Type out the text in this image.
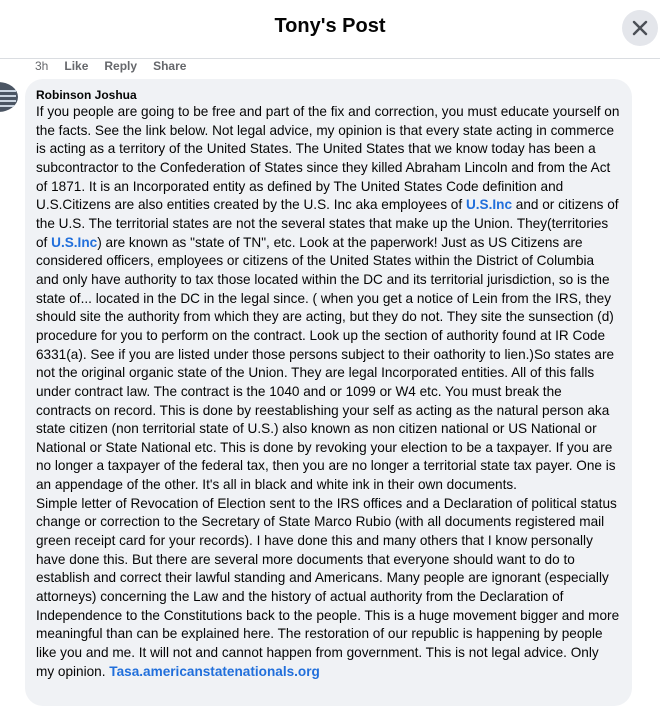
Tony's Post
3h Like Reply Share
Robinson Joshua
If you people are going to be free and part of the fix and correction, you must educate yourself on the facts. See the link below. Not legal advice, my opinion is that every state acting in commerce is acting as a territory of the United States. The United States that we know today has been a subcontractor to the Confederation of States since they killed Abraham Lincoln and from the Act of 1871. It is an Incorporated entity as defined by The United States Code definition and U.S.Citizens are also entities created by the U.S. Inc aka employees of U.S.Inc and or citizens of the U.S. The territorial states are not the several states that make up the Union. They(territories of U.S.Inc) are known as "state of TN", etc. Look at the paperwork! Just as US Citizens are considered officers, employees or citizens of the United States within the District of Columbia and only have authority to tax those located within the DC and its territorial jurisdiction, so is the state of... located in the DC in the legal since. ( when you get a notice of Lein from the IRS, they should site the authority from which they are acting, but they do not. They site the sunsection (d) procedure for you to perform on the contract. Look up the section of authority found at IR Code 6331(a). See if you are listed under those persons subject to their oathority to lien.)So states are not the original organic state of the Union. They are legal Incorporated entities. All of this falls under contract law. The contract is the 1040 and or 1099 or W4 etc. You must break the contracts on record. This is done by reestablishing your self as acting as the natural person aka state citizen (non territorial state of U.S.) also known as non citizen national or US National or National or State National etc. This is done by revoking your election to be a taxpayer. If you are no longer a taxpayer of the federal tax, then you are no longer a territorial state tax payer. One is an appendage of the other. It's all in black and white ink in their own documents.
Simple letter of Revocation of Election sent to the IRS offices and a Declaration of political status change or correction to the Secretary of State Marco Rubio (with all documents registered mail green receipt card for your records). I have done this and many others that I know personally have done this. But there are several more documents that everyone should want to do to establish and correct their lawful standing and Americans. Many people are ignorant (especially attorneys) concerning the Law and the history of actual authority from the Declaration of Independence to the Constitutions back to the people. This is a huge movement bigger and more meaningful than can be explained here. The restoration of our republic is happening by people like you and me. It will not and cannot happen from government. This is not legal advice. Only my opinion. Tasa.americanstatenationals.org
